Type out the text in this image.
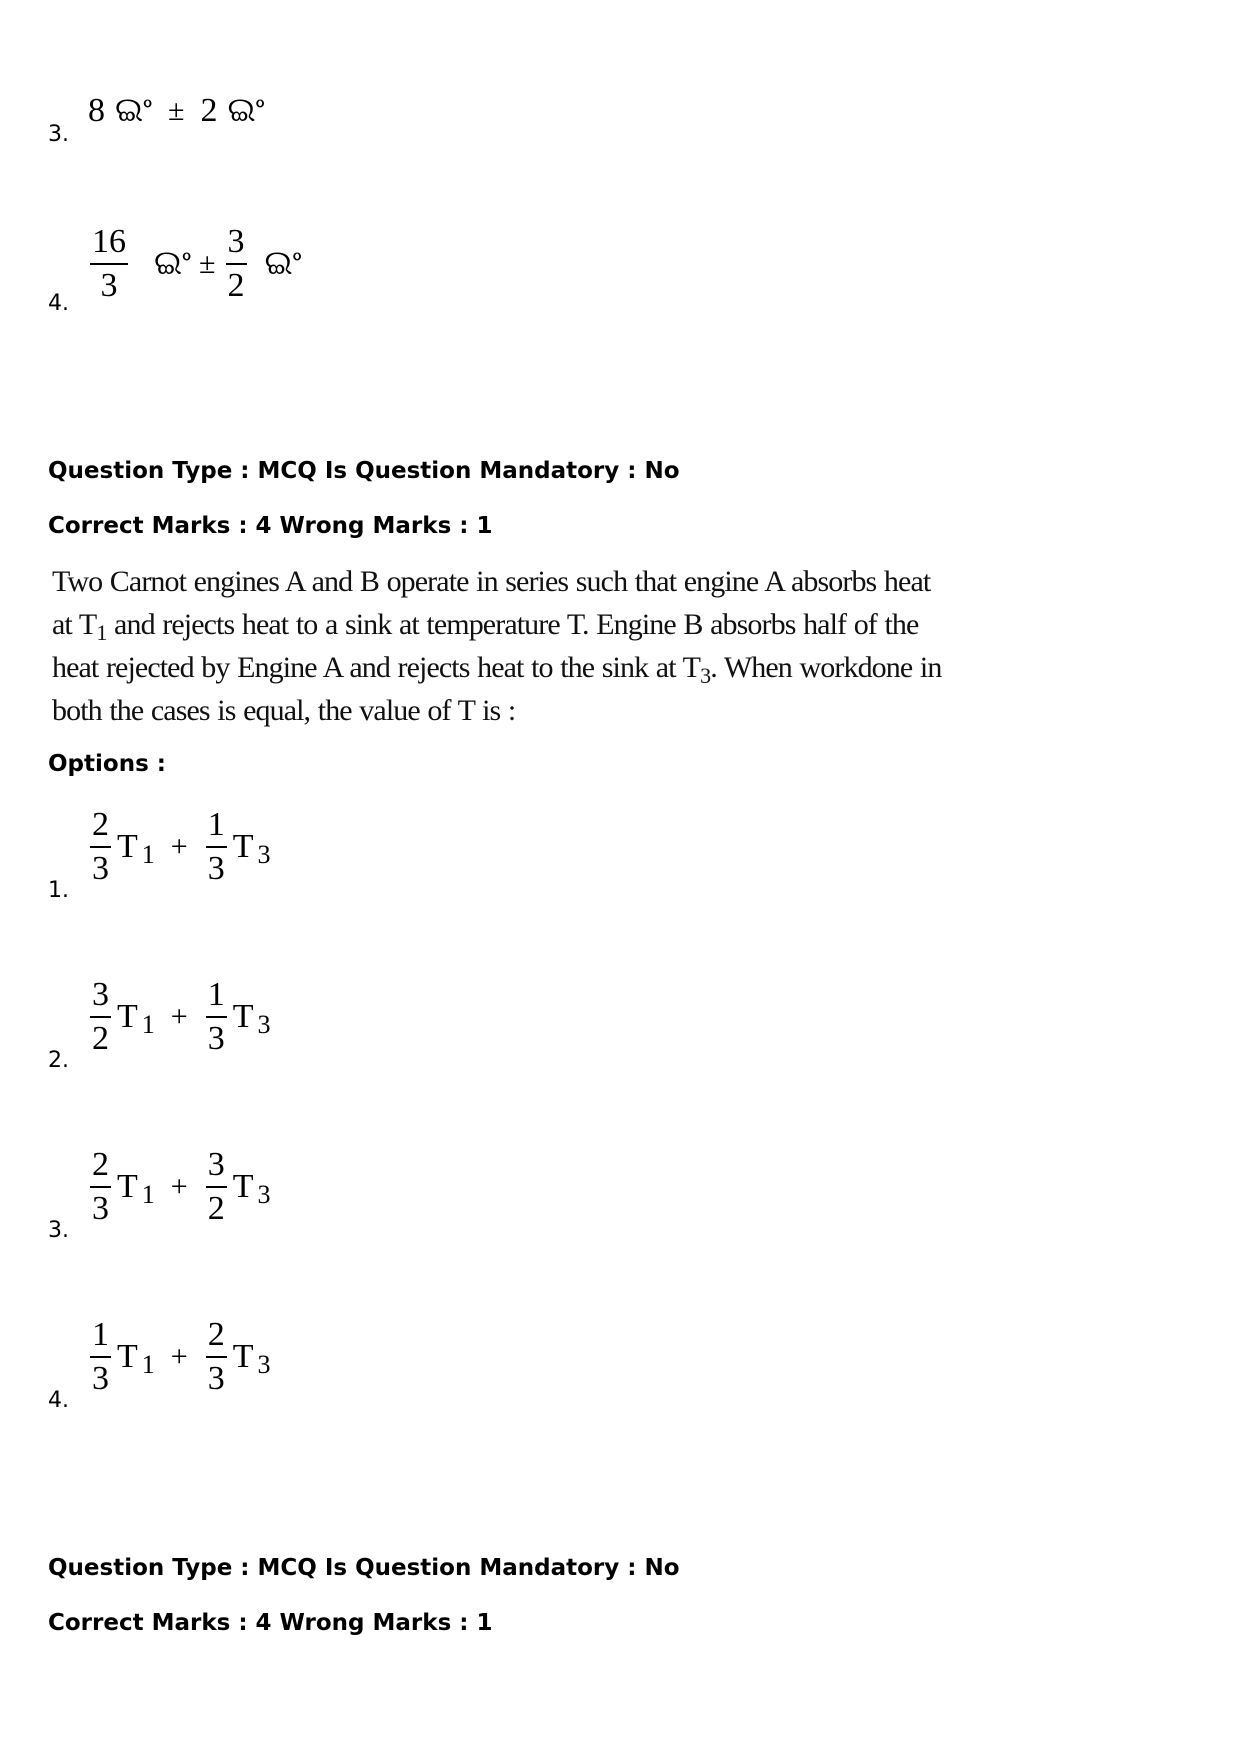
3.
8 ଇଂ ± 2 ଇଂ
4.
$\frac{16}{3}$ ଇଂ ± $\frac{3}{2}$ ଇଂ
Question Type : MCQ Is Question Mandatory : No
Correct Marks : 4 Wrong Marks : 1
Two Carnot engines A and B operate in series such that engine A absorbs heat at $T_1$ and rejects heat to a sink at temperature T. Engine B absorbs half of the heat rejected by Engine A and rejects heat to the sink at $T_3$. When workdone in both the cases is equal, the value of T is :
Options :
1.
$\frac{2}{3}$ T $1 + \frac{1}{3}$ T 3
2.
$\frac{3}{2}$ T $1 + \frac{1}{3}$ T 3
3.
$\frac{2}{3}$ T $1 + \frac{3}{2}$ T 3
4.
$\frac{1}{3}$ T $1 + \frac{2}{3}$ T 3
Question Type : MCQ Is Question Mandatory : No
Correct Marks : 4 Wrong Marks : 1
